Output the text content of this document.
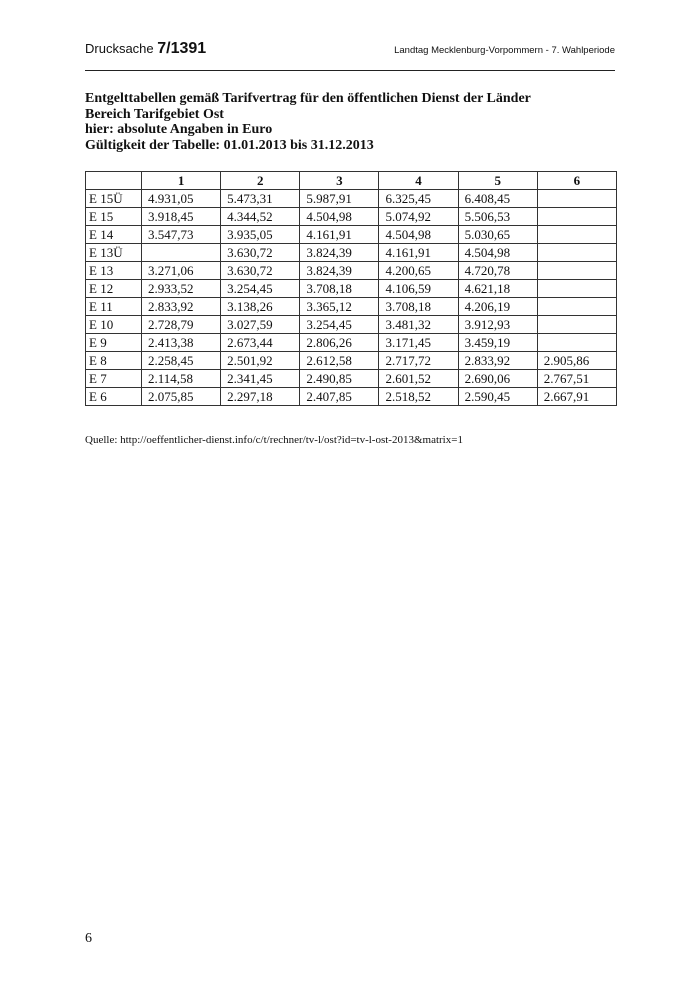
Drucksache 7/1391	Landtag Mecklenburg-Vorpommern - 7. Wahlperiode
Entgelttabellen gemäß Tarifvertrag für den öffentlichen Dienst der Länder
Bereich Tarifgebiet Ost
hier: absolute Angaben in Euro
Gültigkeit der Tabelle: 01.01.2013 bis 31.12.2013
	1	2	3	4	5	6
E 15Ü	4.931,05	5.473,31	5.987,91	6.325,45	6.408,45	
E 15	3.918,45	4.344,52	4.504,98	5.074,92	5.506,53	
E 14	3.547,73	3.935,05	4.161,91	4.504,98	5.030,65	
E 13Ü		3.630,72	3.824,39	4.161,91	4.504,98	
E 13	3.271,06	3.630,72	3.824,39	4.200,65	4.720,78	
E 12	2.933,52	3.254,45	3.708,18	4.106,59	4.621,18	
E 11	2.833,92	3.138,26	3.365,12	3.708,18	4.206,19	
E 10	2.728,79	3.027,59	3.254,45	3.481,32	3.912,93	
E 9	2.413,38	2.673,44	2.806,26	3.171,45	3.459,19	
E 8	2.258,45	2.501,92	2.612,58	2.717,72	2.833,92	2.905,86
E 7	2.114,58	2.341,45	2.490,85	2.601,52	2.690,06	2.767,51
E 6	2.075,85	2.297,18	2.407,85	2.518,52	2.590,45	2.667,91
Quelle: http://oeffentlicher-dienst.info/c/t/rechner/tv-l/ost?id=tv-l-ost-2013&matrix=1
6
